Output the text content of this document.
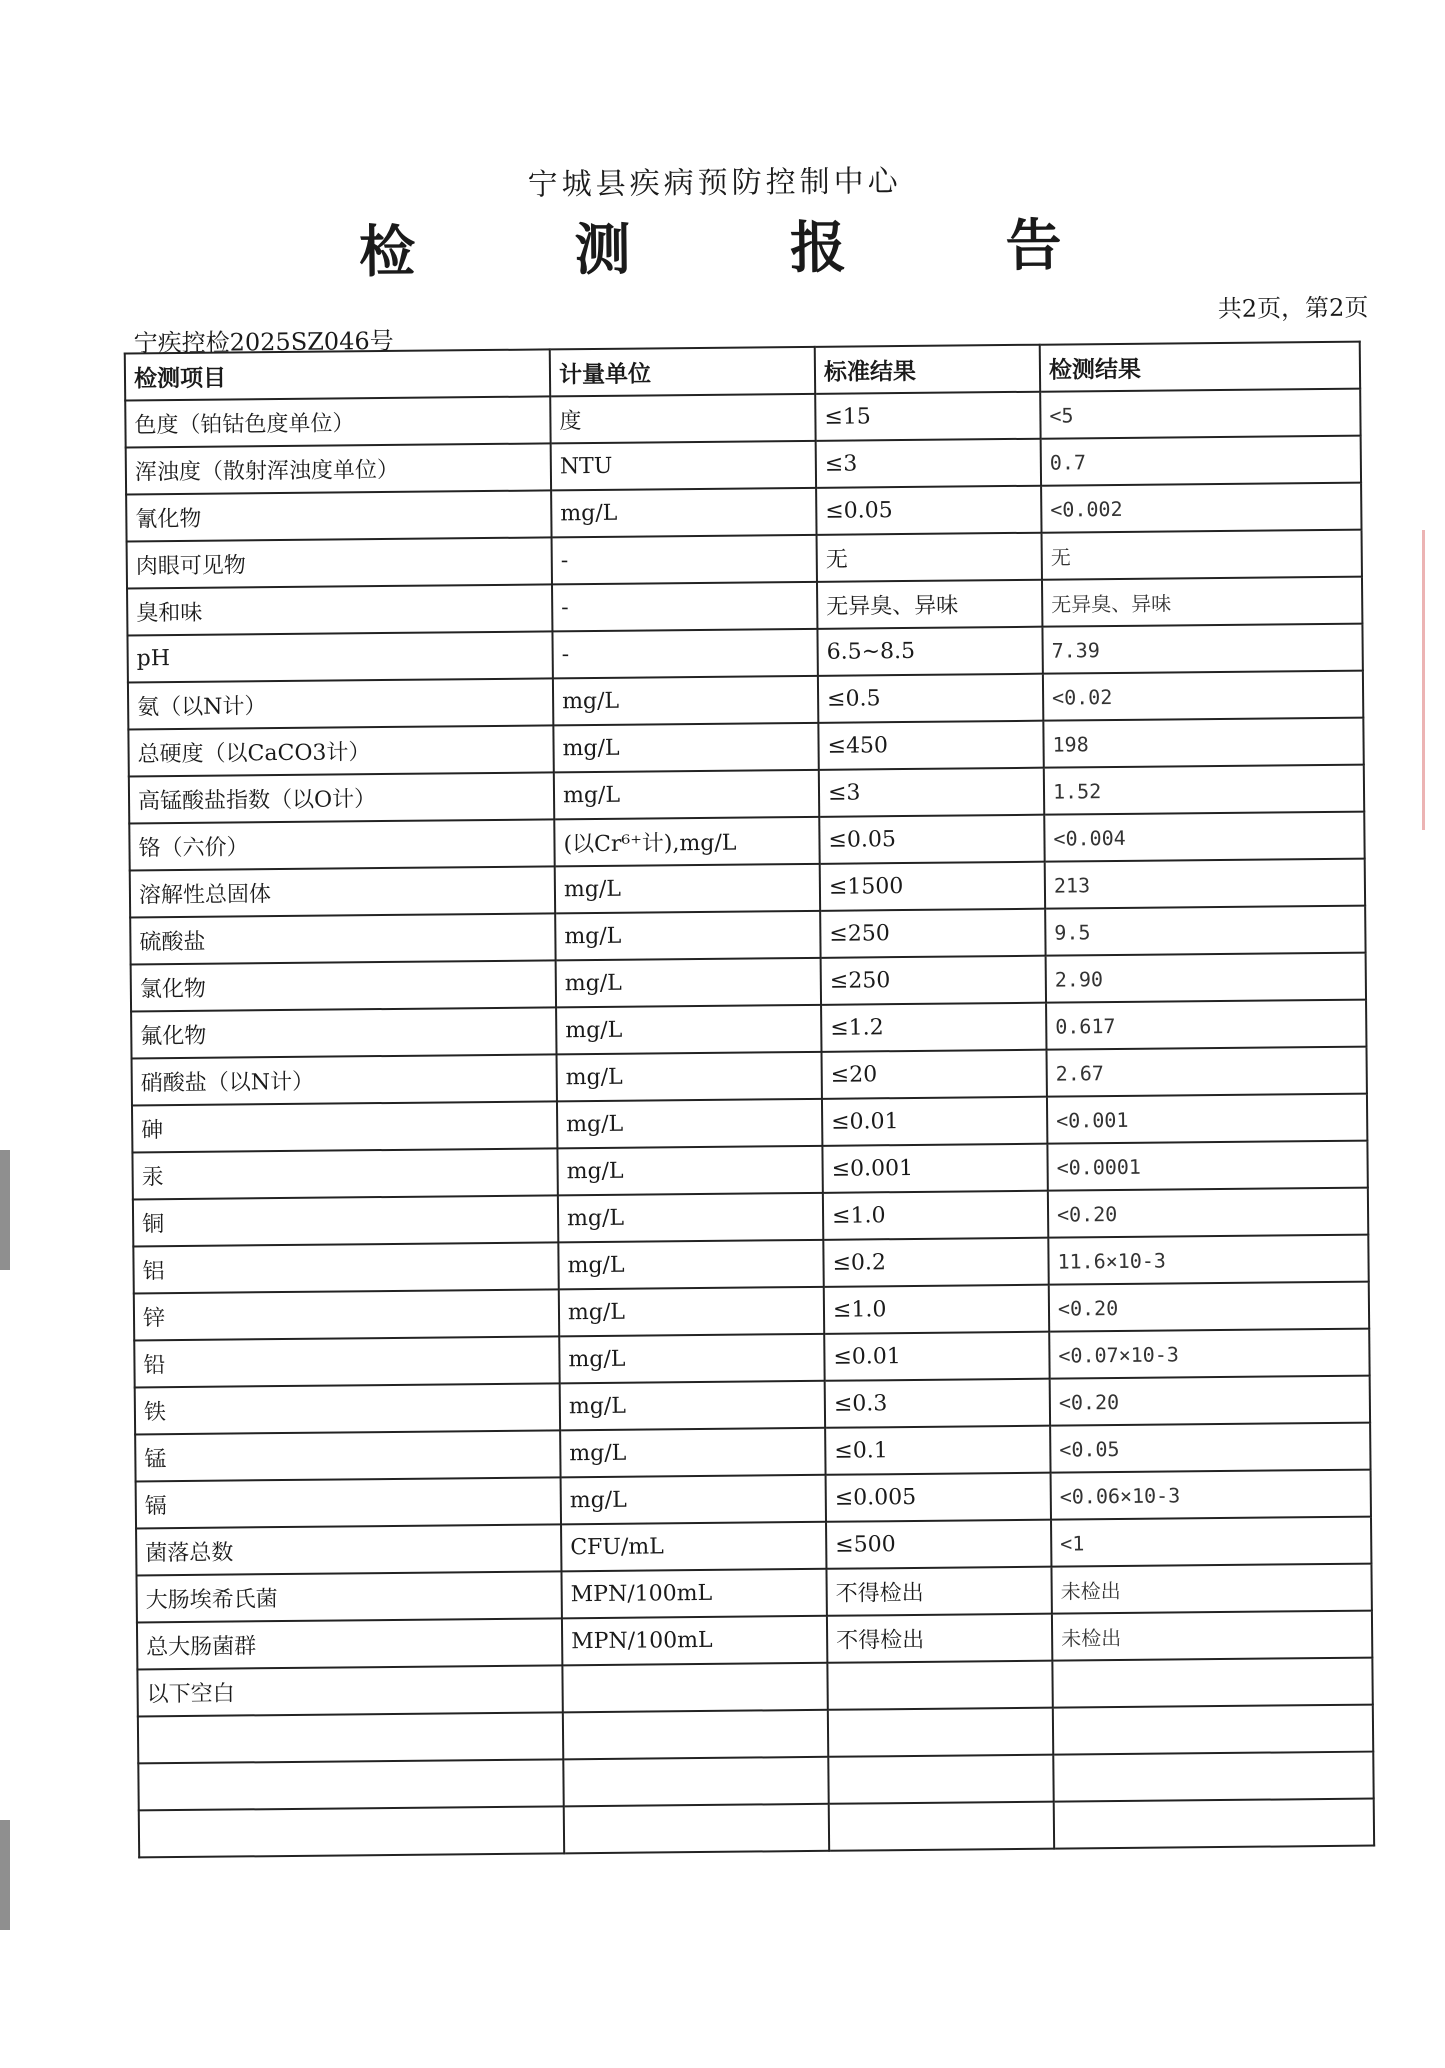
宁城县疾病预防控制中心
检 测 报 告
宁疾控检2025SZ046号
共2页，第2页
检测项目	计量单位	标准结果	检测结果
色度（铂钴色度单位）	度	≤15	<5
浑浊度（散射浑浊度单位）	NTU	≤3	0.7
氰化物	mg/L	≤0.05	<0.002
肉眼可见物	-	无	无
臭和味	-	无异臭、异味	无异臭、异味
pH	-	6.5~8.5	7.39
氨（以N计）	mg/L	≤0.5	<0.02
总硬度（以CaCO3计）	mg/L	≤450	198
高锰酸盐指数（以O计）	mg/L	≤3	1.52
铬（六价）	(以Cr⁶⁺计),mg/L	≤0.05	<0.004
溶解性总固体	mg/L	≤1500	213
硫酸盐	mg/L	≤250	9.5
氯化物	mg/L	≤250	2.90
氟化物	mg/L	≤1.2	0.617
硝酸盐（以N计）	mg/L	≤20	2.67
砷	mg/L	≤0.01	<0.001
汞	mg/L	≤0.001	<0.0001
铜	mg/L	≤1.0	<0.20
铝	mg/L	≤0.2	11.6×10-3
锌	mg/L	≤1.0	<0.20
铅	mg/L	≤0.01	<0.07×10-3
铁	mg/L	≤0.3	<0.20
锰	mg/L	≤0.1	<0.05
镉	mg/L	≤0.005	<0.06×10-3
菌落总数	CFU/mL	≤500	<1
大肠埃希氏菌	MPN/100mL	不得检出	未检出
总大肠菌群	MPN/100mL	不得检出	未检出
以下空白			
